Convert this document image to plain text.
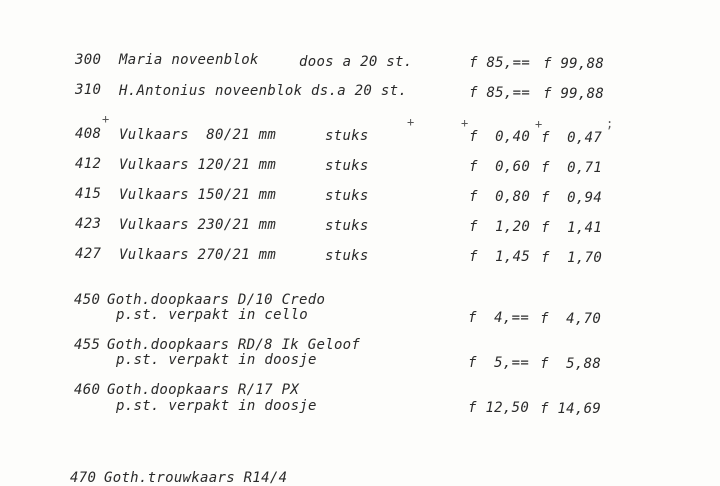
300 Maria noveenblok	doos a 20 st.	f 85,== f 99,88
310 H.Antonius noveenblok ds.a 20 st.	f 85,== f 99,88
+	+	+	+	;
408 Vulkaars  80/21 mm	stuks	f  0,40 f  0,47
412 Vulkaars 120/21 mm	stuks	f  0,60 f  0,71
415 Vulkaars 150/21 mm	stuks	f  0,80 f  0,94
423 Vulkaars 230/21 mm	stuks	f  1,20 f  1,41
427 Vulkaars 270/21 mm	stuks	f  1,45 f  1,70
450 Goth.doopkaars D/10 Credo
p.st. verpakt in cello	f  4,== f  4,70
455 Goth.doopkaars RD/8 Ik Geloof
p.st. verpakt in doosje	f  5,== f  5,88
460 Goth.doopkaars R/17 PX
p.st. verpakt in doosje	f 12,50 f 14,69
470 Goth.trouwkaars R14/4
